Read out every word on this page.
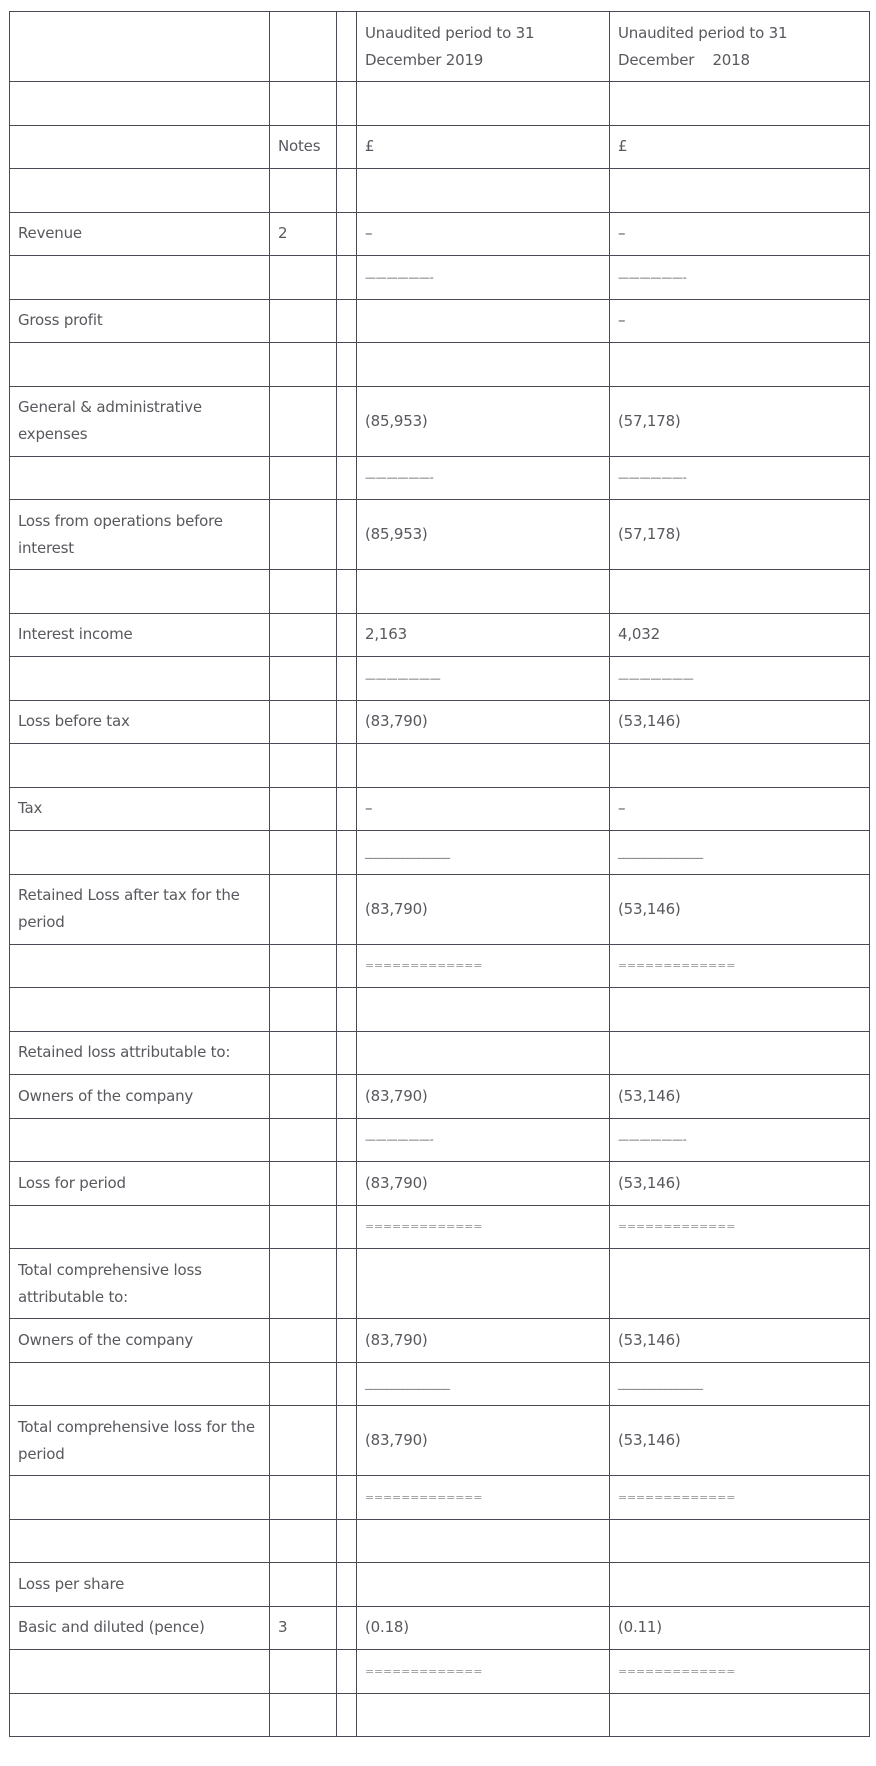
			Unaudited period to 31 December 2019	Unaudited period to 31 December    2018

	Notes		£	£

Revenue	2		–	–
			——————-	——————-
Gross profit				–

General & administrative expenses			(85,953)	(57,178)
			——————-	——————-
Loss from operations before interest			(85,953)	(57,178)

Interest income			2,163	4,032
			———————	———————
Loss before tax			(83,790)	(53,146)

Tax			–	–
			________________	________________
Retained Loss after tax for the period			(83,790)	(53,146)
			=============	=============

Retained loss attributable to:				
Owners of the company			(83,790)	(53,146)
			——————-	——————-
Loss for period			(83,790)	(53,146)
			=============	=============
Total comprehensive loss attributable to:				
Owners of the company			(83,790)	(53,146)
			________________	________________
Total comprehensive loss for the period			(83,790)	(53,146)
			=============	=============

Loss per share				
Basic and diluted (pence)	3		(0.18)	(0.11)
			=============	=============
